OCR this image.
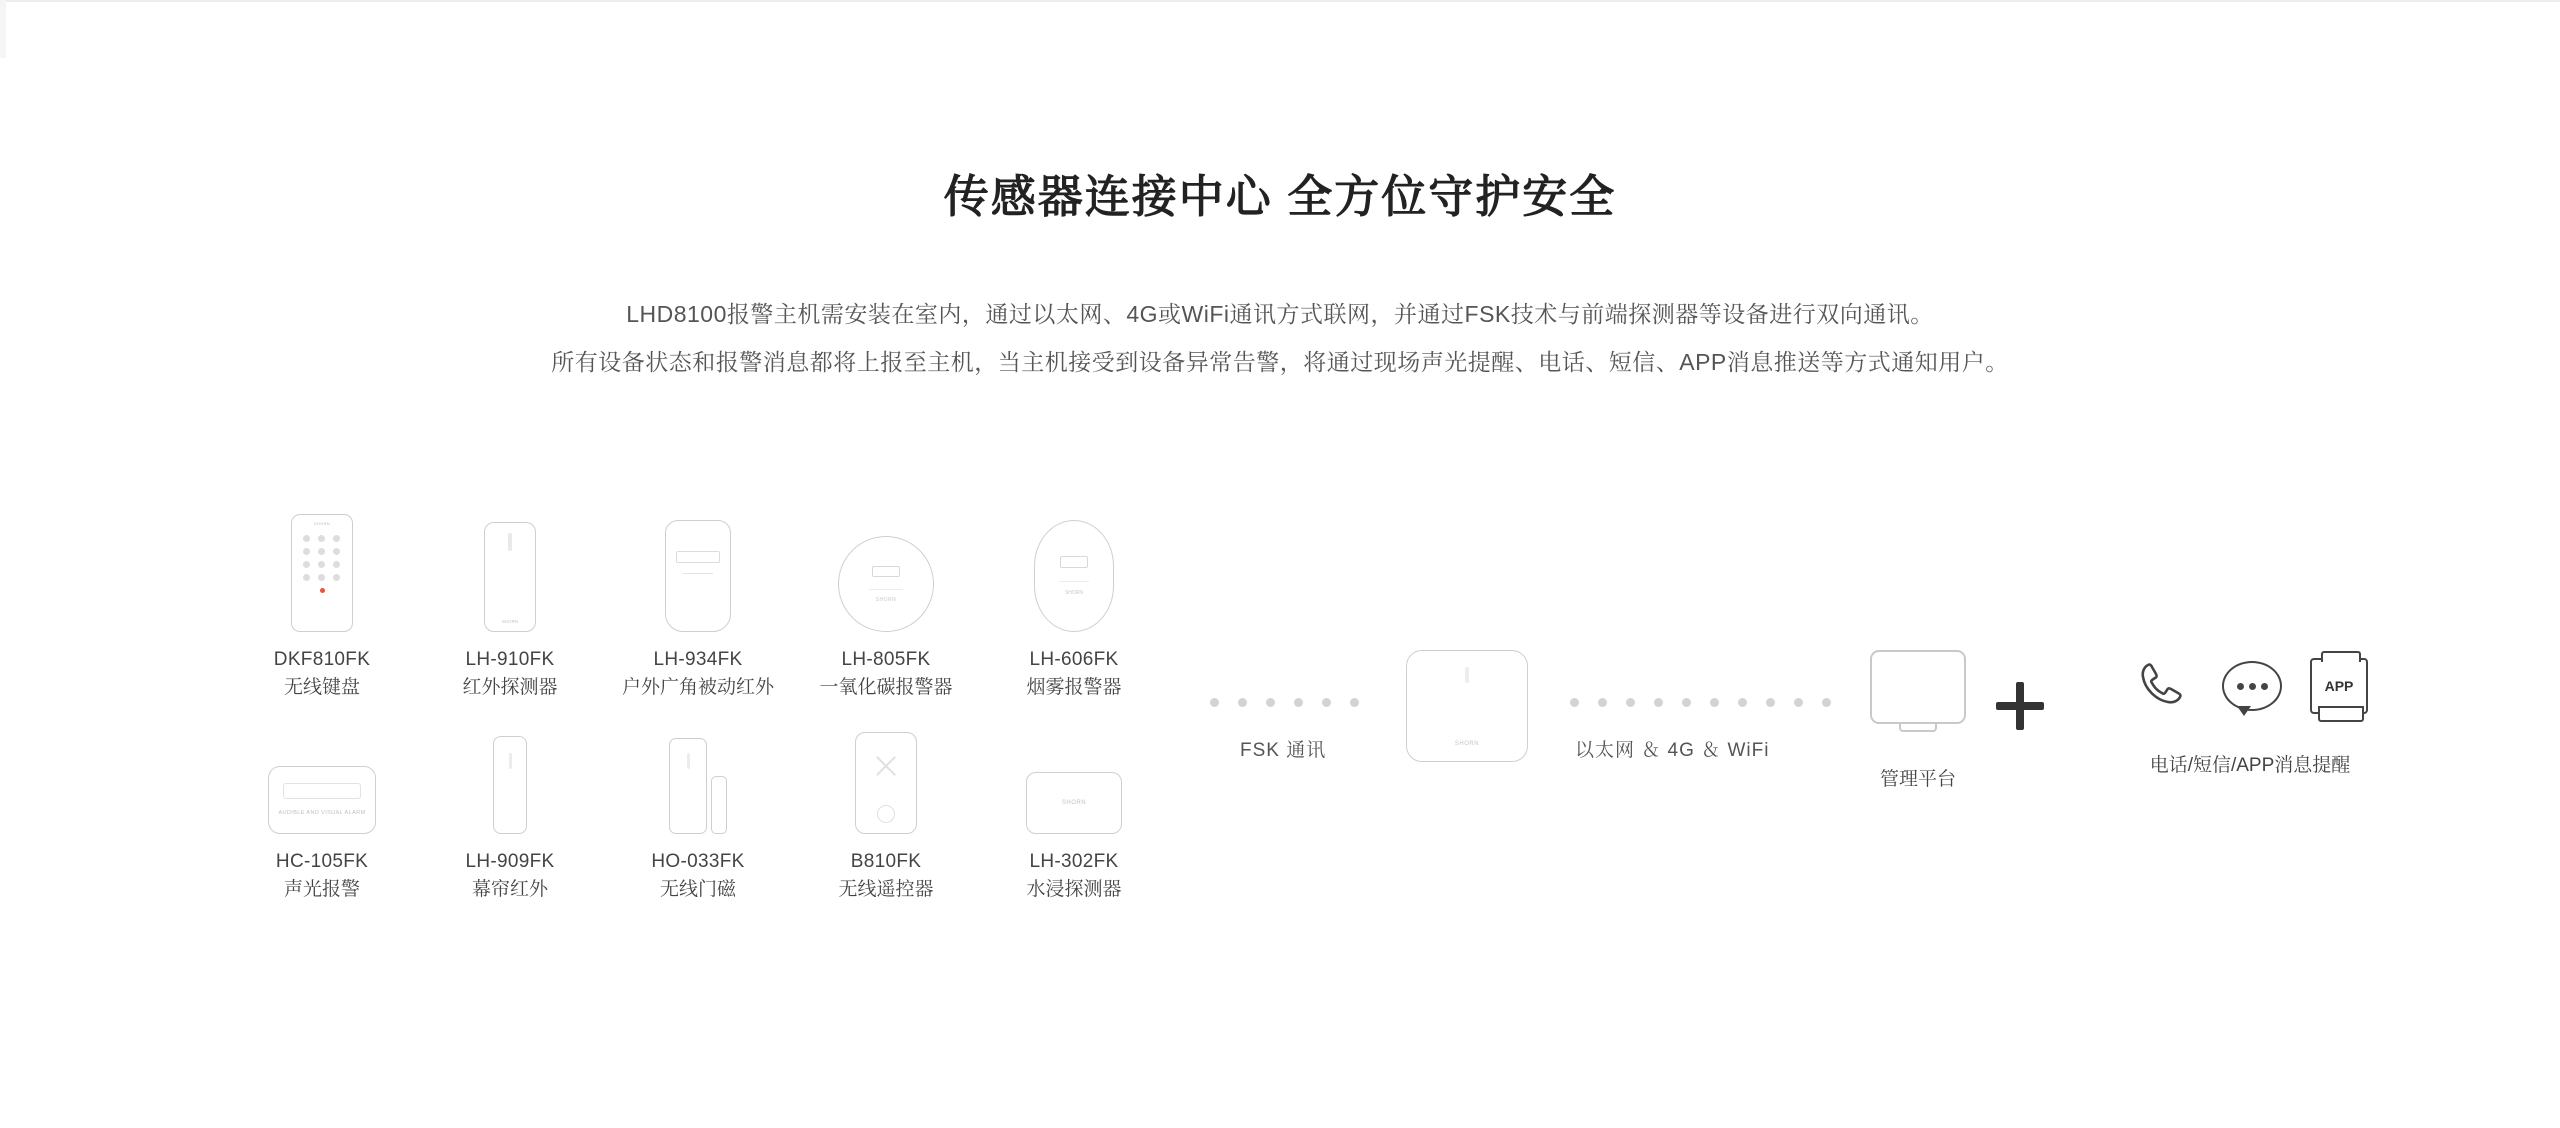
传感器连接中心 全方位守护安全
LHD8100报警主机需安装在室内，通过以太网、4G或WiFi通讯方式联网，并通过FSK技术与前端探测器等设备进行双向通讯。
所有设备状态和报警消息都将上报至主机，当主机接受到设备异常告警，将通过现场声光提醒、电话、短信、APP消息推送等方式通知用户。
SHORN
DKF810FK
无线键盘
SHORN
LH-910FK
红外探测器
LH-934FK
户外广角被动红外
SHORN
LH-805FK
一氧化碳报警器
SHORN
LH-606FK
烟雾报警器
AUDIBLE AND VISUAL ALARM
HC-105FK
声光报警
LH-909FK
幕帘红外
HO-033FK
无线门磁
B810FK
无线遥控器
SHORN
LH-302FK
水浸探测器
FSK 通讯	SHORN	以太网 ＆ 4G ＆ WiFi
管理平台
APP
电话/短信/APP消息提醒
